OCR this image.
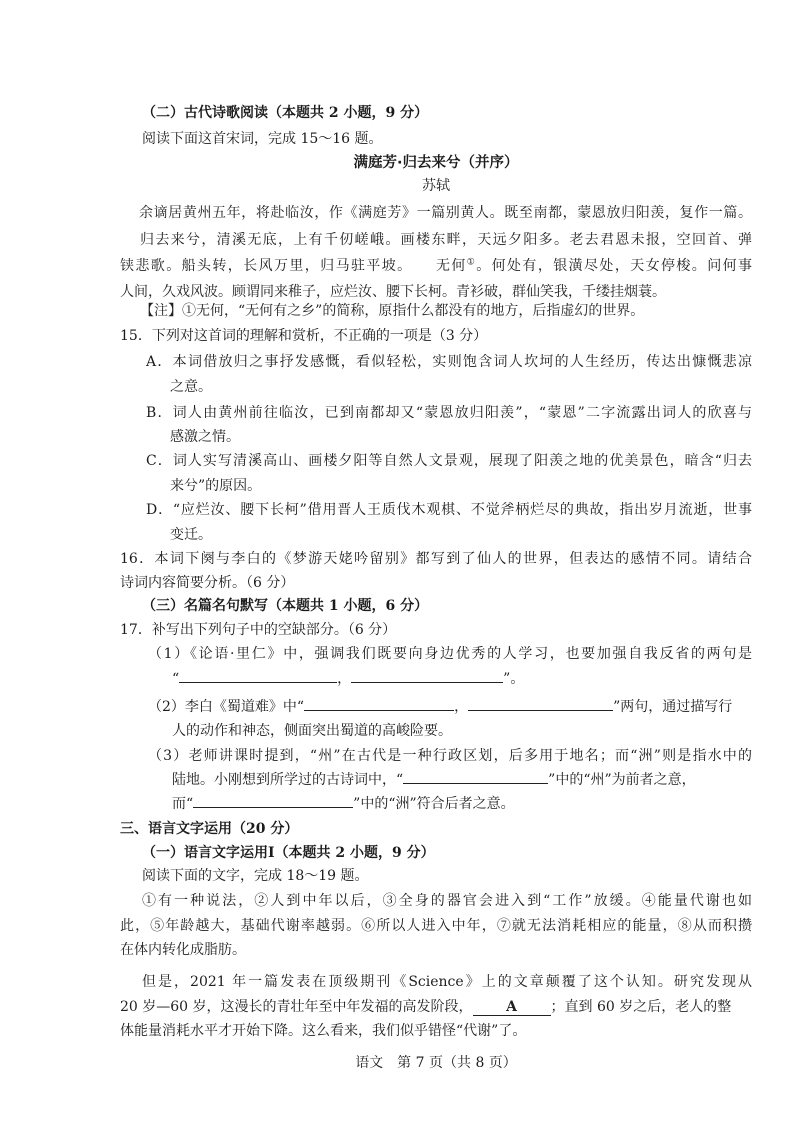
（二）古代诗歌阅读（本题共 2 小题，9 分）
阅读下面这首宋词，完成 15～16 题。
满庭芳·归去来兮（并序）
苏轼
余谪居黄州五年，将赴临汝，作《满庭芳》一篇别黄人。既至南都，蒙恩放归阳羡，复作一篇。
归去来兮，清溪无底，上有千仞嵯峨。画楼东畔，天远夕阳多。老去君恩未报，空回首、弹
铗悲歌。船头转，长风万里，归马驻平坡。 无何①。何处有，银潢尽处，天女停梭。问何事
人间，久戏风波。顾谓同来稚子，应烂汝、腰下长柯。青衫破，群仙笑我，千缕挂烟蓑。
【注】①无何，“无何有之乡”的简称，原指什么都没有的地方，后指虚幻的世界。
15．下列对这首词的理解和赏析，不正确的一项是（3 分）
A．本词借放归之事抒发感慨，看似轻松，实则饱含词人坎坷的人生经历，传达出慷慨悲凉
之意。
B．词人由黄州前往临汝，已到南都却又“蒙恩放归阳羡”，“蒙恩”二字流露出词人的欣喜与
感激之情。
C．词人实写清溪高山、画楼夕阳等自然人文景观，展现了阳羡之地的优美景色，暗含“归去
来兮”的原因。
D．“应烂汝、腰下长柯”借用晋人王质伐木观棋、不觉斧柄烂尽的典故，指出岁月流逝，世事
变迁。
16．本词下阕与李白的《梦游天姥吟留别》都写到了仙人的世界，但表达的感情不同。请结合
诗词内容简要分析。（6 分）
（三）名篇名句默写（本题共 1 小题，6 分）
17．补写出下列句子中的空缺部分。（6 分）
（1）《论语·里仁》中，强调我们既要向身边优秀的人学习，也要加强自我反省的两句是
“	，	”。
（2）李白《蜀道难》中“	，	”两句，通过描写行
人的动作和神态，侧面突出蜀道的高峻险要。
（3）老师讲课时提到，“州”在古代是一种行政区划，后多用于地名；而“洲”则是指水中的
陆地。小刚想到所学过的古诗词中，“	”中的“州”为前者之意，
而“	”中的“洲”符合后者之意。
三、语言文字运用（20 分）
（一）语言文字运用Ⅰ（本题共 2 小题，9 分）
阅读下面的文字，完成 18～19 题。
①有一种说法，②人到中年以后，③全身的器官会进入到“工作”放缓。④能量代谢也如
此，⑤年龄越大，基础代谢率越弱。⑥所以人进入中年，⑦就无法消耗相应的能量，⑧从而积攒
在体内转化成脂肪。
但是，2021 年一篇发表在顶级期刊《Science》上的文章颠覆了这个认知。研究发现从
20 岁—60 岁，这漫长的青壮年至中年发福的高发阶段， A ；直到 60 岁之后，老人的整
体能量消耗水平才开始下降。这么看来，我们似乎错怪“代谢”了。
语文　第 7 页（共 8 页）
